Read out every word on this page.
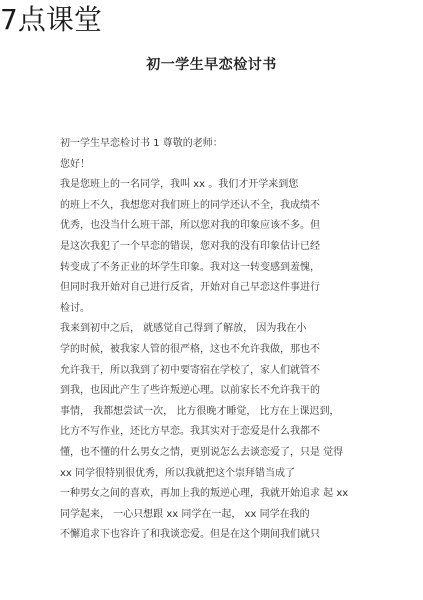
7点课堂
初一学生早恋检讨书
初一学生早恋检讨书 1 尊敬的老师：
您好！
我是您班上的一名同学，我叫 xx 。我们才开学来到您
的班上不久，我想您对我们班上的同学还认不全，我成绩不
优秀，也没当什么班干部，所以您对我的印象应该不多。但
是这次我犯了一个早恋的错误，您对我的没有印象估计已经
转变成了不务正业的坏学生印象。我对这一转变感到羞愧，
但同时我开始对自己进行反省，开始对自己早恋这件事进行
检讨。
我来到初中之后， 就感觉自己得到了解放， 因为我在小
学的时候，被我家人管的很严格，这也不允许我做，那也不
允许我干，所以我到了初中要寄宿在学校了，家人们就管不
到我，也因此产生了些许叛逆心理。以前家长不允许我干的
事情， 我都想尝试一次， 比方很晚才睡觉， 比方在上课迟到，
比方不写作业，还比方早恋。我其实对于恋爱是什么我都不
懂，也不懂的什么男女之情，更别说怎么去谈恋爱了，只是 觉得
xx 同学很特别很优秀，所以我就把这个崇拜错当成了
一种男女之间的喜欢，再加上我的叛逆心理，我就开始追求 起 xx
同学起来， 一心只想跟 xx 同学在一起， xx 同学在我的
不懈追求下也容许了和我谈恋爱。但是在这个期间我们就只
